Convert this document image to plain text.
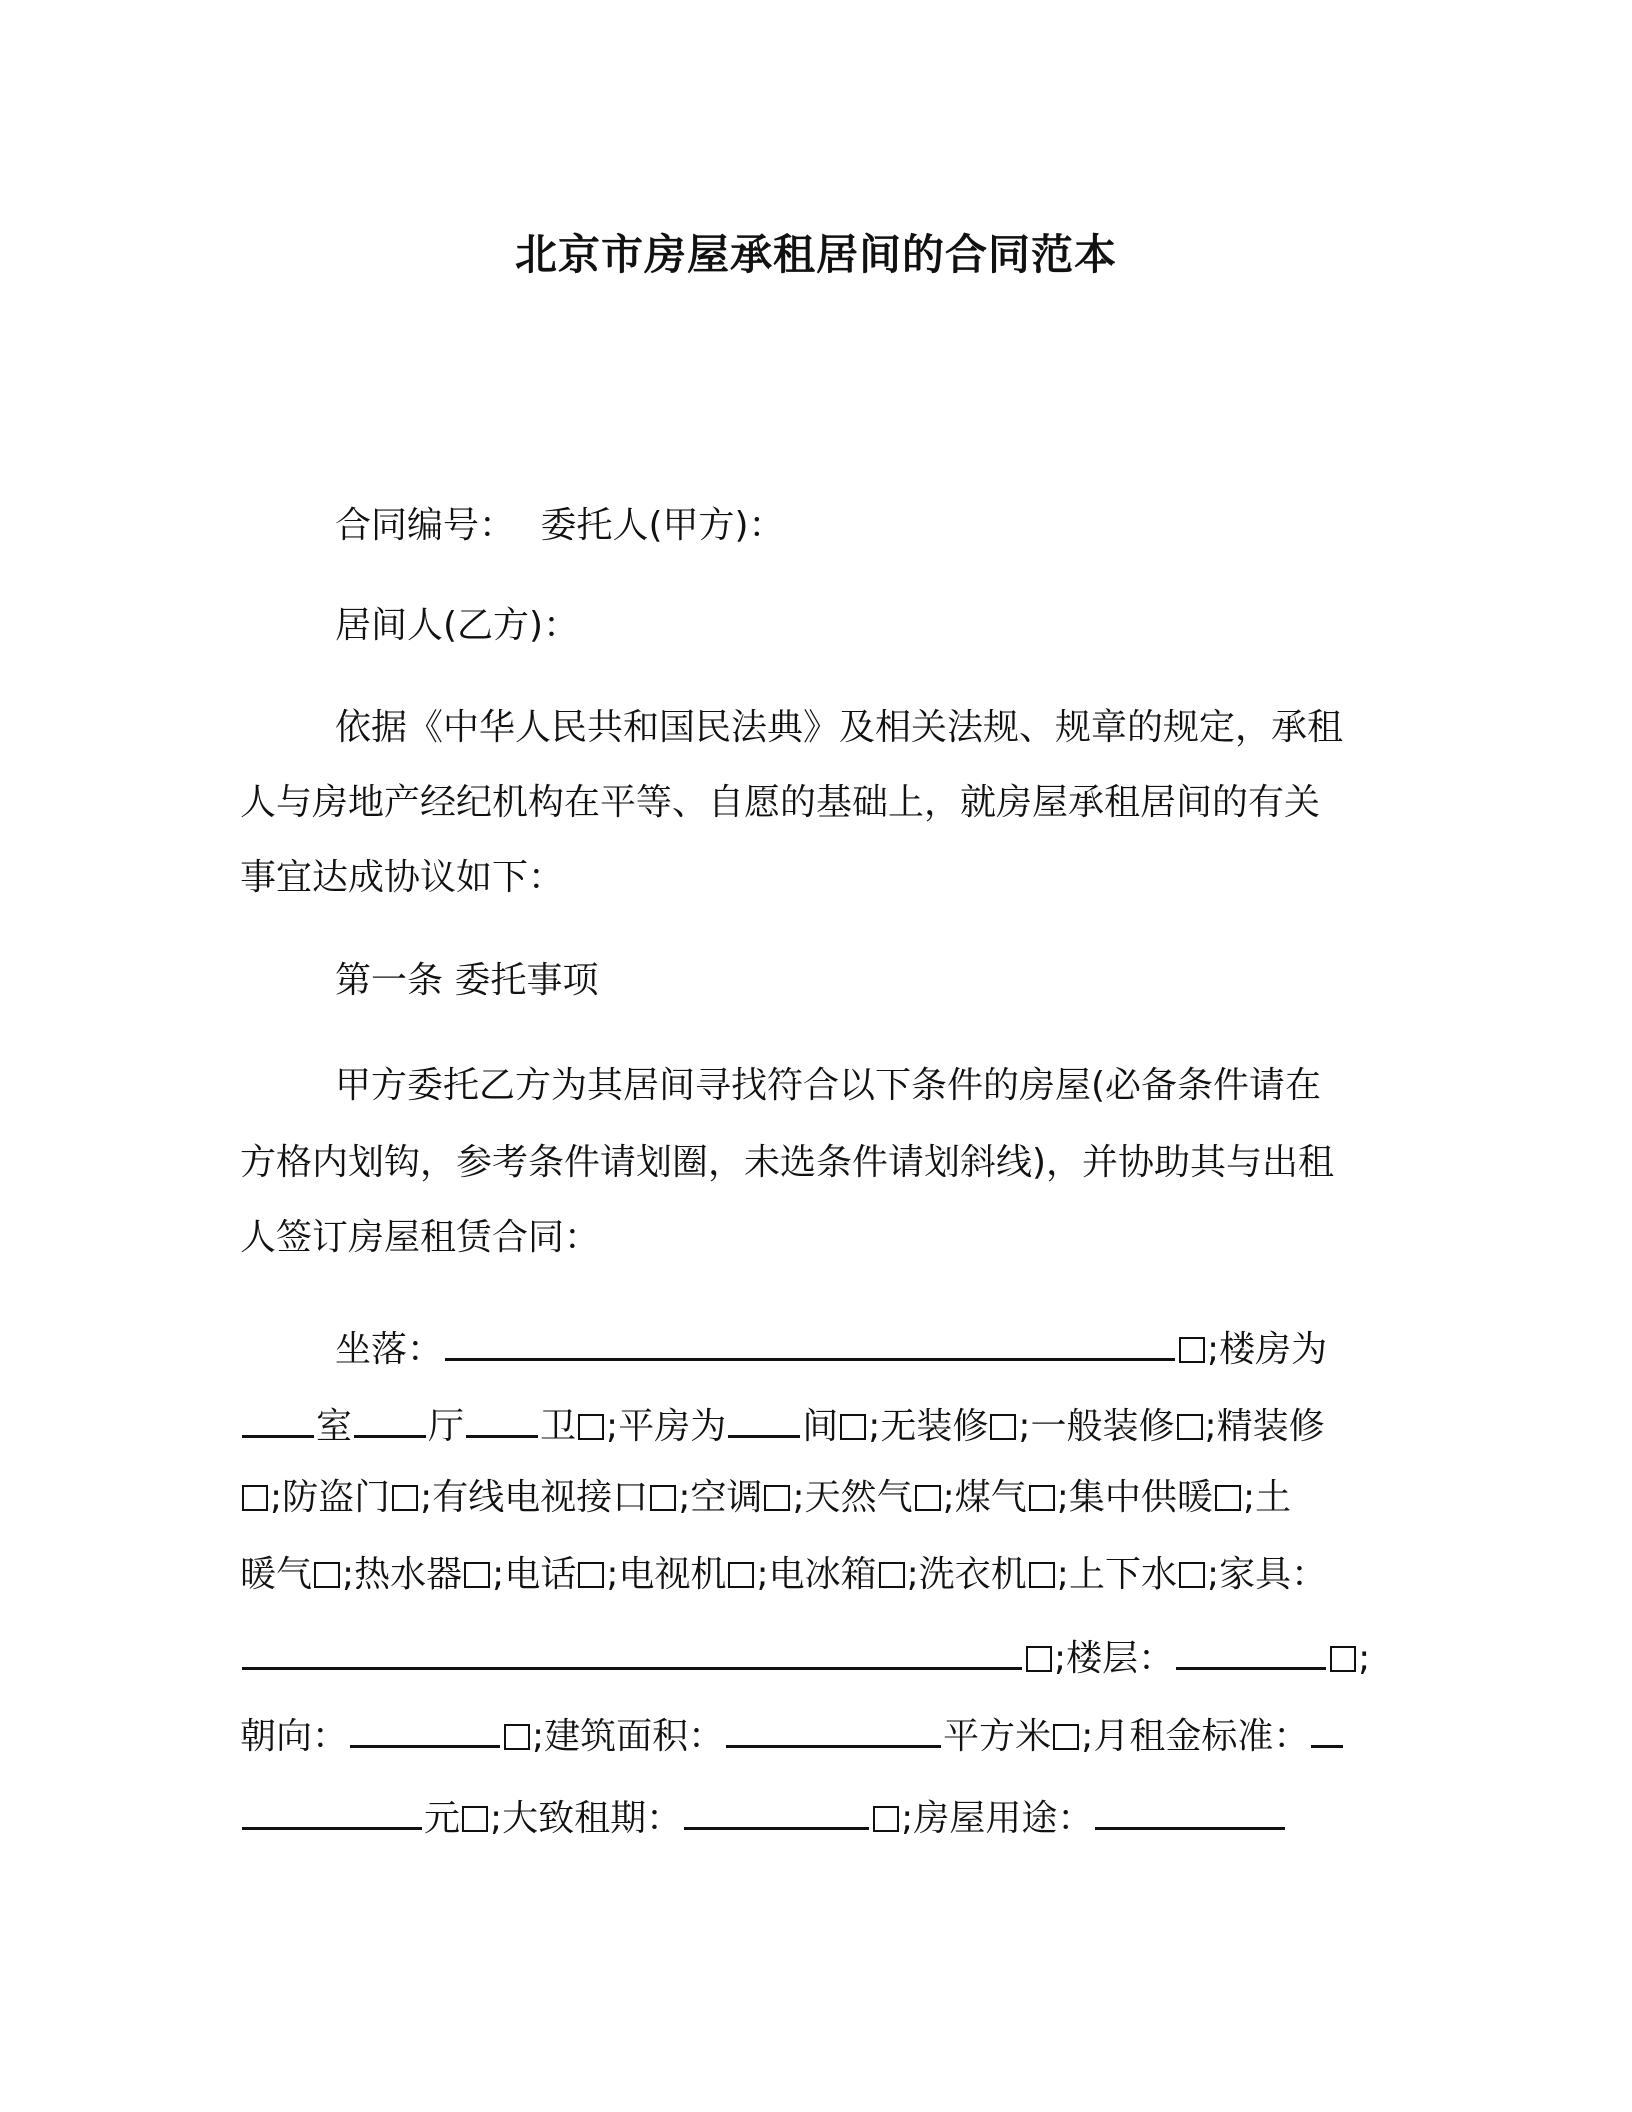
北京市房屋承租居间的合同范本
合同编号： 委托人(甲方)：
居间人(乙方)：
依据《中华人民共和国民法典》及相关法规、规章的规定，承租
人与房地产经纪机构在平等、自愿的基础上，就房屋承租居间的有关
事宜达成协议如下：
第一条 委托事项
甲方委托乙方为其居间寻找符合以下条件的房屋(必备条件请在
方格内划钩，参考条件请划圈，未选条件请划斜线)，并协助其与出租
人签订房屋租赁合同：
坐落：	;楼房为
室 厅 卫 ;平房为 间 ;无装修 ;一般装修 ;精装修
;防盗门 ;有线电视接口 ;空调 ;天然气 ;煤气 ;集中供暖 ;土
暖气 ;热水器 ;电话 ;电视机 ;电冰箱 ;洗衣机 ;上下水 ;家具：
;楼层：	;
朝向：	;建筑面积：	平方米 ;月租金标准：
元 ;大致租期：	;房屋用途：
